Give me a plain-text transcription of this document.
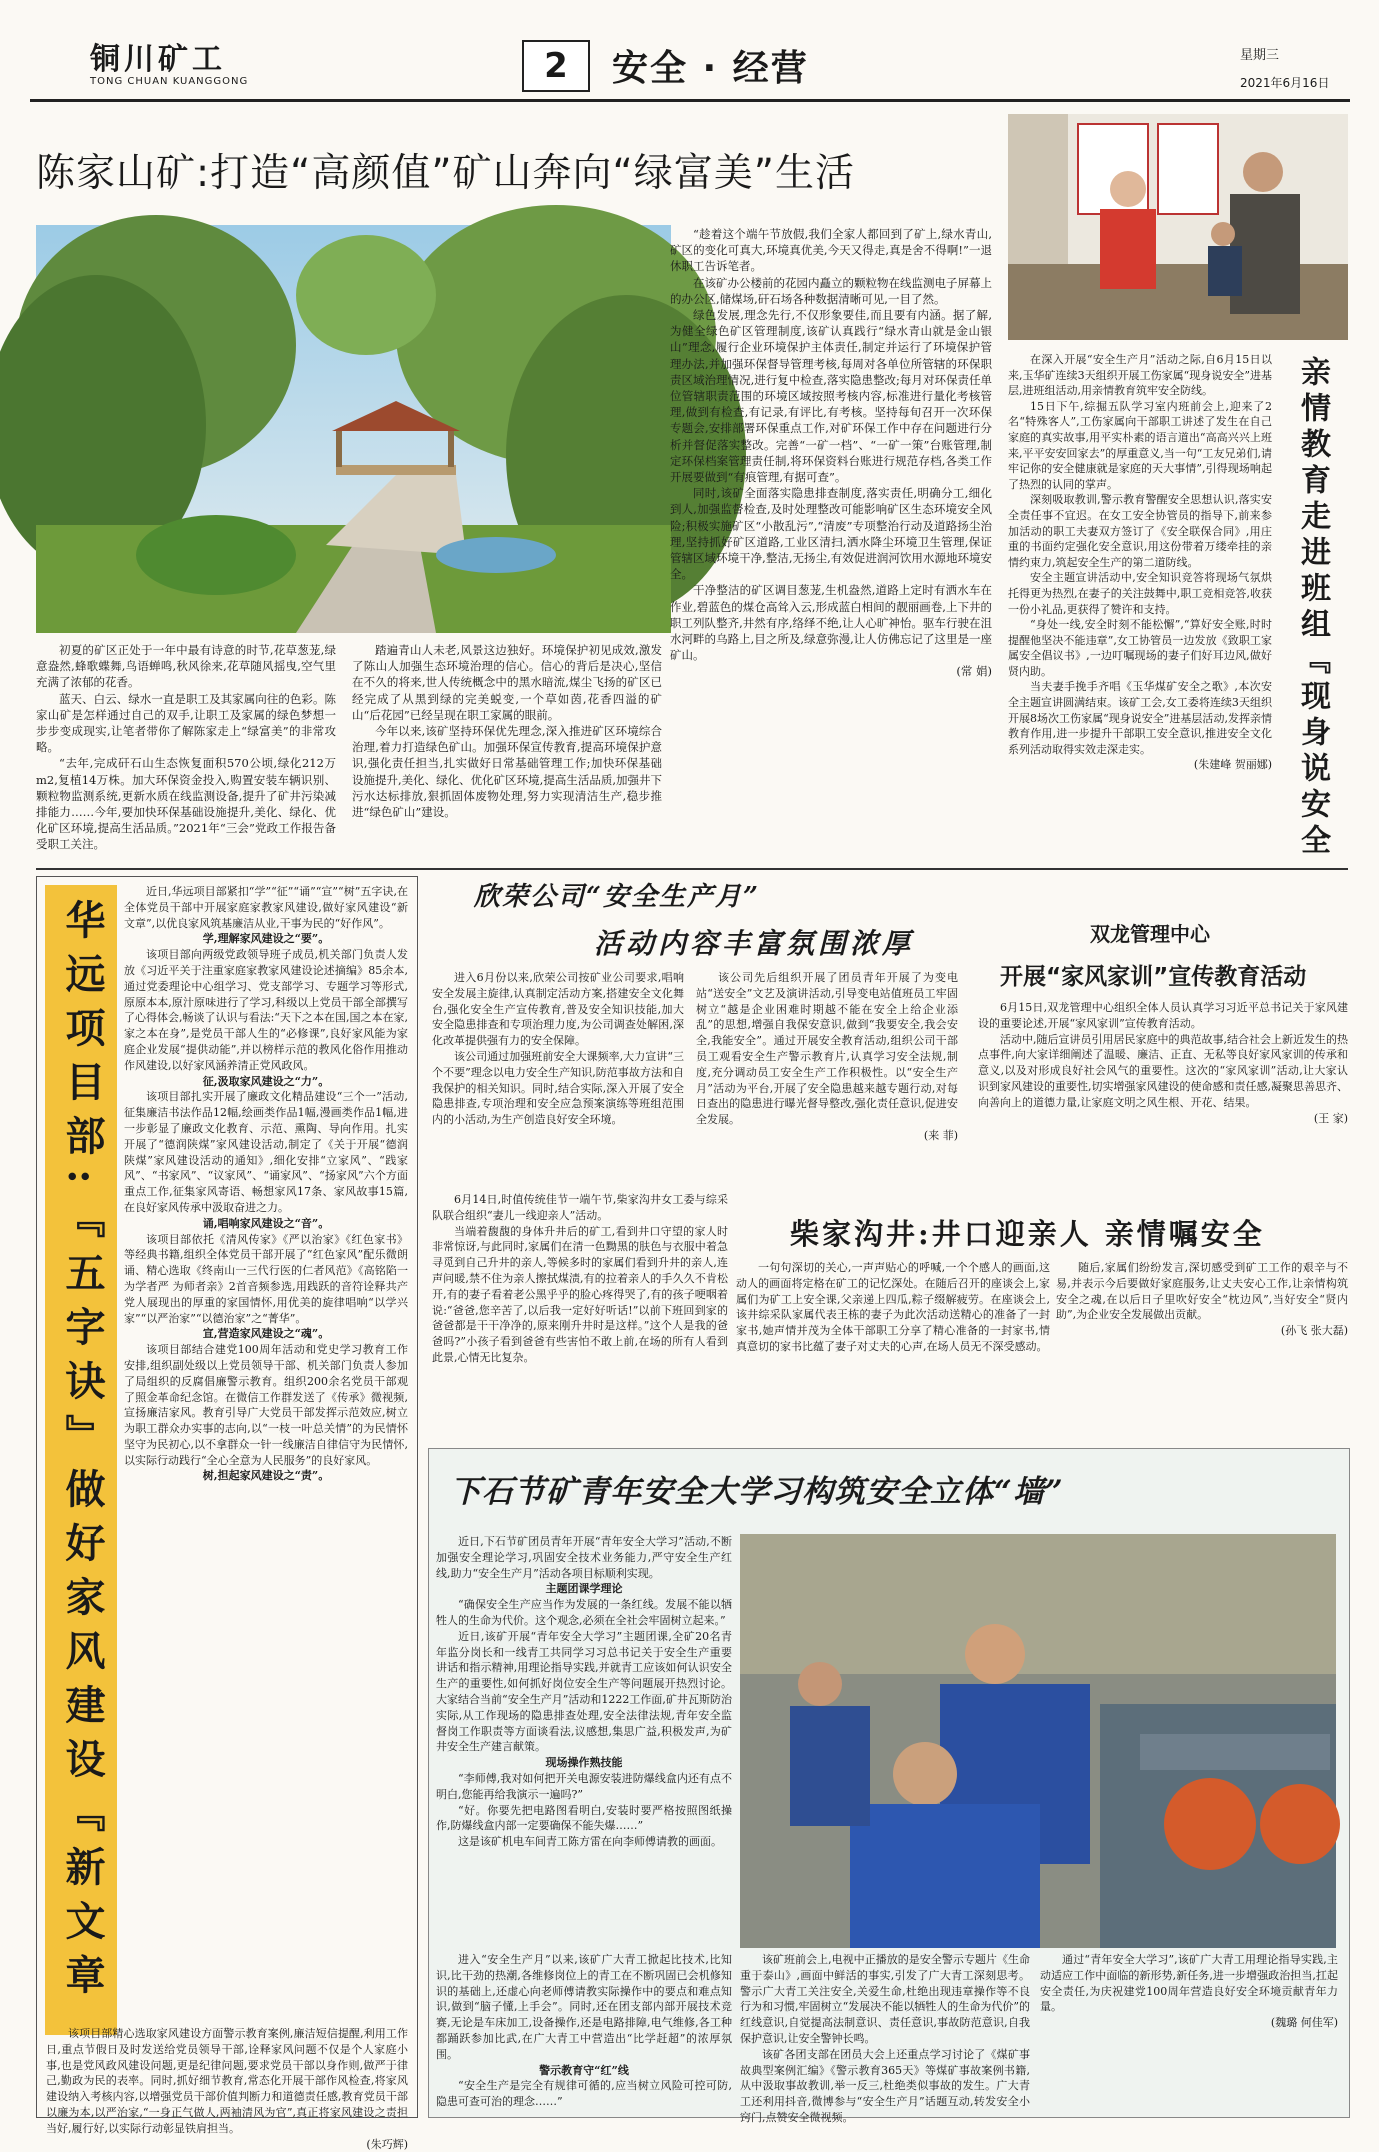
铜川矿工
TONG CHUAN KUANGGONG	2	安全 · 经营	星期三
2021年6月16日
陈家山矿:打造“高颜值”矿山奔向“绿富美”生活

初夏的矿区正处于一年中最有诗意的时节,花草葱茏,绿意盎然,蜂歌蝶舞,鸟语蝉鸣,秋风徐来,花草随风摇曳,空气里充满了浓郁的花香。

蓝天、白云、绿水一直是职工及其家属向往的色彩。陈家山矿是怎样通过自己的双手,让职工及家属的绿色梦想一步步变成现实,让笔者带你了解陈家走上“绿富美”的非常攻略。

“去年,完成矸石山生态恢复面积570公顷,绿化212万m2,复植14万株。加大环保资金投入,购置安装车辆识别、颗粒物监测系统,更新水质在线监测设备,提升了矿井污染减排能力……今年,要加快环保基础设施提升,美化、绿化、优化矿区环境,提高生活品质。”2021年“三会”党政工作报告备受职工关注。

踏遍青山人未老,风景这边独好。环境保护初见成效,激发了陈山人加强生态环境治理的信心。信心的背后是决心,坚信在不久的将来,世人传统概念中的黑水暗流,煤尘飞扬的矿区已经完成了从黑到绿的完美蜕变,一个草如茵,花香四溢的矿山“后花园”已经呈现在职工家属的眼前。

今年以来,该矿坚持环保优先理念,深入推进矿区环境综合治理,着力打造绿色矿山。加强环保宣传教育,提高环境保护意识,强化责任担当,扎实做好日常基础管理工作;加快环保基础设施提升,美化、绿化、优化矿区环境,提高生活品质,加强井下污水达标排放,狠抓固体废物处理,努力实现清洁生产,稳步推进“绿色矿山”建设。

“趁着这个端午节放假,我们全家人都回到了矿上,绿水青山,矿区的变化可真大,环境真优美,今天又得走,真是舍不得啊!”一退休职工告诉笔者。

在该矿办公楼前的花园内矗立的颗粒物在线监测电子屏幕上的办公区,储煤场,矸石场各种数据清晰可见,一目了然。

绿色发展,理念先行,不仅形象要佳,而且要有内涵。据了解,为健全绿色矿区管理制度,该矿认真践行“绿水青山就是金山银山”理念,履行企业环境保护主体责任,制定并运行了环境保护管理办法,并加强环保督导管理考核,每周对各单位所管辖的环保职责区域治理情况,进行复中检查,落实隐患整改;每月对环保责任单位管辖职责范围的环境区域按照考核内容,标准进行量化考核管理,做到有检查,有记录,有评比,有考核。坚持每旬召开一次环保专题会,安排部署环保重点工作,对矿环保工作中存在问题进行分析并督促落实整改。完善“一矿一档”、“一矿一策”台账管理,制定环保档案管理责任制,将环保资料台账进行规范存档,各类工作开展要做到“有痕管理,有据可查”。

同时,该矿全面落实隐患排查制度,落实责任,明确分工,细化到人,加强监督检查,及时处理整改可能影响矿区生态环境安全风险;积极实施矿区“小散乱污”,“清废”专项整治行动及道路扬尘治理,坚持抓好矿区道路,工业区清扫,洒水降尘环境卫生管理,保证管辖区域环境干净,整洁,无扬尘,有效促进润河饮用水源地环境安全。

干净整洁的矿区调目葱茏,生机盎然,道路上定时有洒水车在作业,碧蓝色的煤仓高耸入云,形成蓝白相间的靓丽画卷,上下井的职工列队整齐,井然有序,络绎不绝,让人心旷神怡。驱车行驶在沮水河畔的乌路上,目之所及,绿意弥漫,让人仿佛忘记了这里是一座矿山。

(常 娟)

在深入开展“安全生产月”活动之际,自6月15日以来,玉华矿连续3天组织开展工伤家属“现身说安全”进基层,进班组活动,用亲情教育筑牢安全防线。

15日下午,综掘五队学习室内班前会上,迎来了2名“特殊客人”,工伤家属向干部职工讲述了发生在自己家庭的真实故事,用平实朴素的语言道出“高高兴兴上班来,平平安安回家去”的厚重意义,当一句“工友兄弟们,请牢记你的安全健康就是家庭的天大事情”,引得现场响起了热烈的认同的掌声。

深刻吸取教训,警示教育警醒安全思想认识,落实安全责任事不宜迟。在女工安全协管员的指导下,前来参加活动的职工夫妻双方签订了《安全联保合同》,用庄重的书面约定强化安全意识,用这份带着万缕牵挂的亲情约束力,筑起安全生产的第二道防线。

安全主题宣讲活动中,安全知识竞答将现场气氛烘托得更为热烈,在妻子的关注鼓舞中,职工竞相竞答,收获一份小礼品,更获得了赞许和支持。

“身处一线,安全时刻不能松懈”,“算好安全账,时时提醒他坚决不能违章”,女工协管员一边发放《致职工家属安全倡议书》,一边叮嘱现场的妻子们好耳边风,做好贤内助。

当夫妻手挽手齐唱《玉华煤矿安全之歌》,本次安全主题宣讲圆满结束。该矿工会,女工委将连续3天组织开展8场次工伤家属“现身说安全”进基层活动,发挥亲情教育作用,进一步提升干部职工安全意识,推进安全文化系列活动取得实效走深走实。

(朱建峰 贺丽娜) 亲情教育走进班组『现身说安全
华远项目部:『五字诀』做好家风建设『新文章

近日,华远项目部紧扣“学”“征”“诵”“宣”“树”五字诀,在全体党员干部中开展家庭家教家风建设,做好家风建设“新文章”,以优良家风筑基廉洁从业,干事为民的“好作风”。

学,理解家风建设之“要”。

该项目部向两级党政领导班子成员,机关部门负责人发放《习近平关于注重家庭家教家风建设论述摘编》85余本,通过党委理论中心组学习、党支部学习、专题学习等形式,原原本本,原汁原味进行了学习,科级以上党员干部全部撰写了心得体会,畅谈了认识与看法:“天下之本在国,国之本在家,家之本在身”,是党员干部人生的“必修课”,良好家风能为家庭企业发展“提供动能”,并以榜样示范的教风化俗作用推动作风建设,以好家风涵养清正党风政风。

征,汲取家风建设之“力”。

该项目部扎实开展了廉政文化精品建设“三个一”活动,征集廉洁书法作品12幅,绘画类作品1幅,漫画类作品1幅,进一步彰显了廉政文化教育、示范、熏陶、导向作用。扎实开展了“德润陕煤”家风建设活动,制定了《关于开展“德润陕煤”家风建设活动的通知》,细化安排“立家风”、“践家风”、“书家风”、“议家风”、“诵家风”、“扬家风”六个方面重点工作,征集家风寄语、畅想家风17条、家风故事15篇,在良好家风传承中汲取奋进之力。

诵,唱响家风建设之“音”。

该项目部依托《清风传家》《严以治家》《红色家书》等经典书籍,组织全体党员干部开展了“红色家风”配乐微朗诵、精心选取《终南山一三代行医的仁者风范》《高铭陷一为学者严 为师者亲》2首音频参选,用践跃的音符诠释共产党人展现出的厚重的家国情怀,用优美的旋律唱响“以学兴家”“以严治家”“以德治家”之“菁华”。

宣,营造家风建设之“魂”。

该项目部结合建党100周年活动和党史学习教育工作安排,组织副处级以上党员领导干部、机关部门负责人参加了局组织的反腐倡廉警示教育。组织200余名党员干部观了照金革命纪念馆。在微信工作群发送了《传承》微视频,宣扬廉洁家风。教育引导广大党员干部发挥示范效应,树立为职工群众办实事的志向,以“一枝一叶总关情”的为民情怀坚守为民初心,以不拿群众一针一线廉洁自律信守为民情怀,以实际行动践行“全心全意为人民服务”的良好家风。

树,担起家风建设之“责”。

该项目部精心选取家风建设方面警示教育案例,廉洁短信提醒,利用工作日,重点节假日及时发送给党员领导干部,诠释家风问题不仅是个人家庭小事,也是党风政风建设问题,更是纪律问题,要求党员干部以身作则,做严于律己,勤政为民的表率。同时,抓好细节教育,常态化开展干部作风检查,将家风建设纳入考核内容,以增强党员干部价值判断力和道德责任感,教育党员干部以廉为本,以严治家,“一身正气做人,两袖清风为官”,真正将家风建设之责担当好,履行好,以实际行动彰显铁肩担当。

(朱巧辉)

欣荣公司“安全生产月”
活动内容丰富氛围浓厚

进入6月份以来,欣荣公司按矿业公司要求,唱响安全发展主旋律,认真制定活动方案,搭建安全文化舞台,强化安全生产宣传教育,普及安全知识技能,加大安全隐患排查和专项治理力度,为公司调查处解困,深化改革提供强有力的安全保障。

该公司通过加强班前安全大课频率,大力宣讲“三个不要”理念以电力安全生产知识,防范事故方法和自我保护的相关知识。同时,结合实际,深入开展了安全隐患排查,专项治理和安全应急预案演练等班组范围内的小活动,为生产创造良好安全环境。

该公司先后组织开展了团员青年开展了为变电站“送安全”文艺及演讲活动,引导变电站值班员工牢固树立“越是企业困难时期越不能在安全上给企业添乱”的思想,增强自我保安意识,做到“我要安全,我会安全,我能安全”。通过开展安全教育活动,组织公司干部员工观看安全生产警示教育片,认真学习安全法规,制度,充分调动员工安全生产工作积极性。以“安全生产月”活动为平台,开展了安全隐患越来越专题行动,对每日查出的隐患进行曝光督导整改,强化责任意识,促进安全发展。

(来 菲)

双龙管理中心
开展“家风家训”宣传教育活动

6月15日,双龙管理中心组织全体人员认真学习习近平总书记关于家风建设的重要论述,开展“家风家训”宣传教育活动。

活动中,随后宣讲员引用居民家庭中的典范故事,结合社会上新近发生的热点事件,向大家详细阐述了温暖、廉洁、正直、无私等良好家风家训的传承和意义,以及对形成良好社会风气的重要性。这次的“家风家训”活动,让大家认识到家风建设的重要性,切实增强家风建设的使命感和责任感,凝聚思善思齐、向善向上的道德力量,让家庭文明之风生根、开花、结果。

(王 家)

柴家沟井:井口迎亲人 亲情嘱安全

6月14日,时值传统佳节一端午节,柴家沟井女工委与综采队联合组织“妻儿一线迎亲人”活动。

当端着馥馥的身体升井后的矿工,看到井口守望的家人时非常惊讶,与此同时,家属们在清一色黝黑的肤色与衣服中着急寻觅到自己升井的亲人,等候多时的家属们看到升井的亲人,连声问暖,禁不住为亲人擦拭煤渍,有的拉着亲人的手久久不肯松开,有的妻子看着老公黑乎乎的脸心疼得哭了,有的孩子哽咽着说:“爸爸,您辛苦了,以后我一定好好听话!”以前下班回到家的爸爸都是干干净净的,原来刚升井时是这样。”这个人是我的爸爸吗?”小孩子看到爸爸有些害怕不敢上前,在场的所有人看到此景,心情无比复杂。

一句句深切的关心,一声声贴心的呼喊,一个个感人的画面,这动人的画面将定格在矿工的记忆深处。在随后召开的座谈会上,家属们为矿工上安全课,父亲递上四瓜,粽子缀解疲劳。在座谈会上,该井综采队家属代表王栋的妻子为此次活动送精心的准备了一封家书,她声情并茂为全体干部职工分享了精心准备的一封家书,情真意切的家书比蕴了妻子对丈夫的心声,在场人员无不深受感动。

随后,家属们纷纷发言,深切感受到矿工工作的艰辛与不易,并表示今后要做好家庭服务,让丈夫安心工作,让亲情构筑安全之魂,在以后日子里吹好安全“枕边风”,当好安全“贤内助”,为企业安全发展做出贡献。

(孙飞 张大磊)

下石节矿青年安全大学习构筑安全立体“墙”

近日,下石节矿团员青年开展“青年安全大学习”活动,不断加强安全理论学习,巩固安全技术业务能力,严守安全生产红线,助力“安全生产月”活动各项目标顺利实现。

主题团课学理论

“确保安全生产应当作为发展的一条红线。发展不能以牺牲人的生命为代价。这个观念,必须在全社会牢固树立起来。”

近日,该矿开展“青年安全大学习”主题团课,全矿20名青年监分岗长和一线青工共同学习习总书记关于安全生产重要讲话和指示精神,用理论指导实践,并就青工应该如何认识安全生产的重要性,如何抓好岗位安全生产等问题展开热烈讨论。大家结合当前“安全生产月”活动和1222工作面,矿井瓦斯防治实际,从工作现场的隐患排查处理,安全法律法规,青年安全监督岗工作职责等方面谈看法,议感想,集思广益,积极发声,为矿井安全生产建言献策。

现场操作熟技能

“李师傅,我对如何把开关电源安装进防爆线盒内还有点不明白,您能再给我演示一遍吗?”

“好。你要先把电路图看明白,安装时要严格按照图纸操作,防爆线盒内部一定要确保不能失爆……”

这是该矿机电车间青工陈方雷在向李师傅请教的画面。

进入“安全生产月”以来,该矿广大青工掀起比技术,比知识,比干劲的热潮,各维修岗位上的青工在不断巩固已会机修知识的基础上,还虚心向老师傅请教实际操作中的要点和难点知识,做到“脑子懂,上手会”。同时,还在团支部内部开展技术竞赛,无论是车床加工,设备操作,还是电路排障,电气维修,各工种都踊跃参加比武,在广大青工中营造出“比学赶超”的浓厚氛围。

警示教育守“红”线

“安全生产是完全有规律可循的,应当树立风险可控可防,隐患可查可治的理念……”

该矿班前会上,电视中正播放的是安全警示专题片《生命重于泰山》,画面中鲜活的事实,引发了广大青工深刻思考。警示广大青工关注安全,关爱生命,杜绝出现违章操作等不良行为和习惯,牢固树立“发展决不能以牺牲人的生命为代价”的红线意识,自觉提高法制意识、责任意识,事故防范意识,自我保护意识,让安全警钟长鸣。

该矿各团支部在团员大会上还重点学习讨论了《煤矿事故典型案例汇编》《警示教育365天》等煤矿事故案例书籍,从中汲取事故教训,举一反三,杜绝类似事故的发生。广大青工还利用抖音,微博参与“安全生产月”话题互动,转发安全小窍门,点赞安全微视频。

通过“青年安全大学习”,该矿广大青工用理论指导实践,主动适应工作中面临的新形势,新任务,进一步增强政治担当,扛起安全责任,为庆祝建党100周年营造良好安全环境贡献青年力量。

(魏璐 何佳军)
